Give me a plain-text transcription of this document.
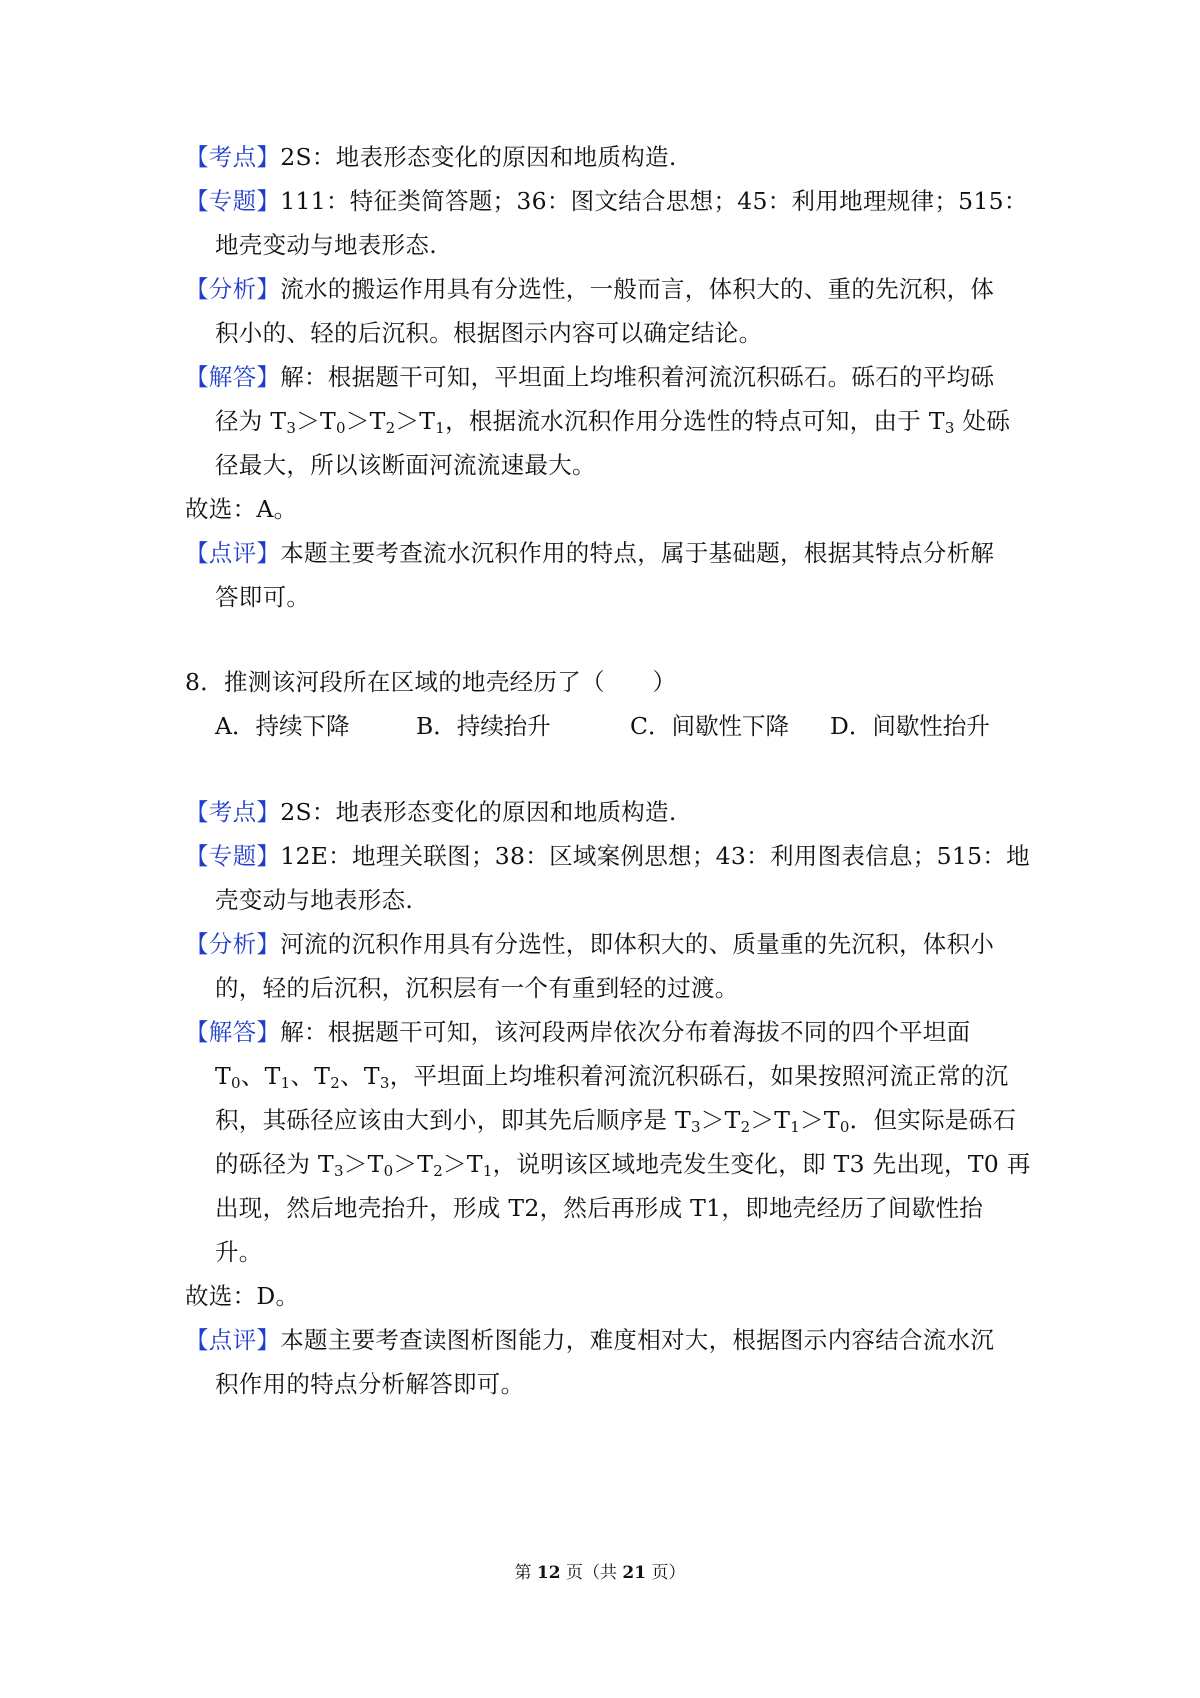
【考点】2S：地表形态变化的原因和地质构造.
【专题】111：特征类简答题；36：图文结合思想；45：利用地理规律；515：
地壳变动与地表形态.
【分析】流水的搬运作用具有分选性，一般而言，体积大的、重的先沉积，体
积小的、轻的后沉积。根据图示内容可以确定结论。
【解答】解：根据题干可知，平坦面上均堆积着河流沉积砾石。砾石的平均砾
径为 $T_3>T_0>T_2>T_1$，根据流水沉积作用分选性的特点可知，由于 $T_3$ 处砾
径最大，所以该断面河流流速最大。
故选：A。
【点评】本题主要考查流水沉积作用的特点，属于基础题，根据其特点分析解
答即可。
8．推测该河段所在区域的地壳经历了（　　）
A．持续下降	B．持续抬升	C．间歇性下降 D．间歇性抬升
【考点】2S：地表形态变化的原因和地质构造.
【专题】12E：地理关联图；38：区域案例思想；43：利用图表信息；515：地
壳变动与地表形态.
【分析】河流的沉积作用具有分选性，即体积大的、质量重的先沉积，体积小
的，轻的后沉积，沉积层有一个有重到轻的过渡。
【解答】解：根据题干可知，该河段两岸依次分布着海拔不同的四个平坦面
$T_0$、$T_1$、$T_2$、$T_3$，平坦面上均堆积着河流沉积砾石，如果按照河流正常的沉
积，其砾径应该由大到小，即其先后顺序是 $T_3>T_2>T_1>T_0$．但实际是砾石
的砾径为 $T_3>T_0>T_2>T_1$，说明该区域地壳发生变化，即 T3 先出现，T0 再
出现，然后地壳抬升，形成 T2，然后再形成 T1，即地壳经历了间歇性抬
升。
故选：D。
【点评】本题主要考查读图析图能力，难度相对大，根据图示内容结合流水沉
积作用的特点分析解答即可。
第 12 页（共 21 页）
